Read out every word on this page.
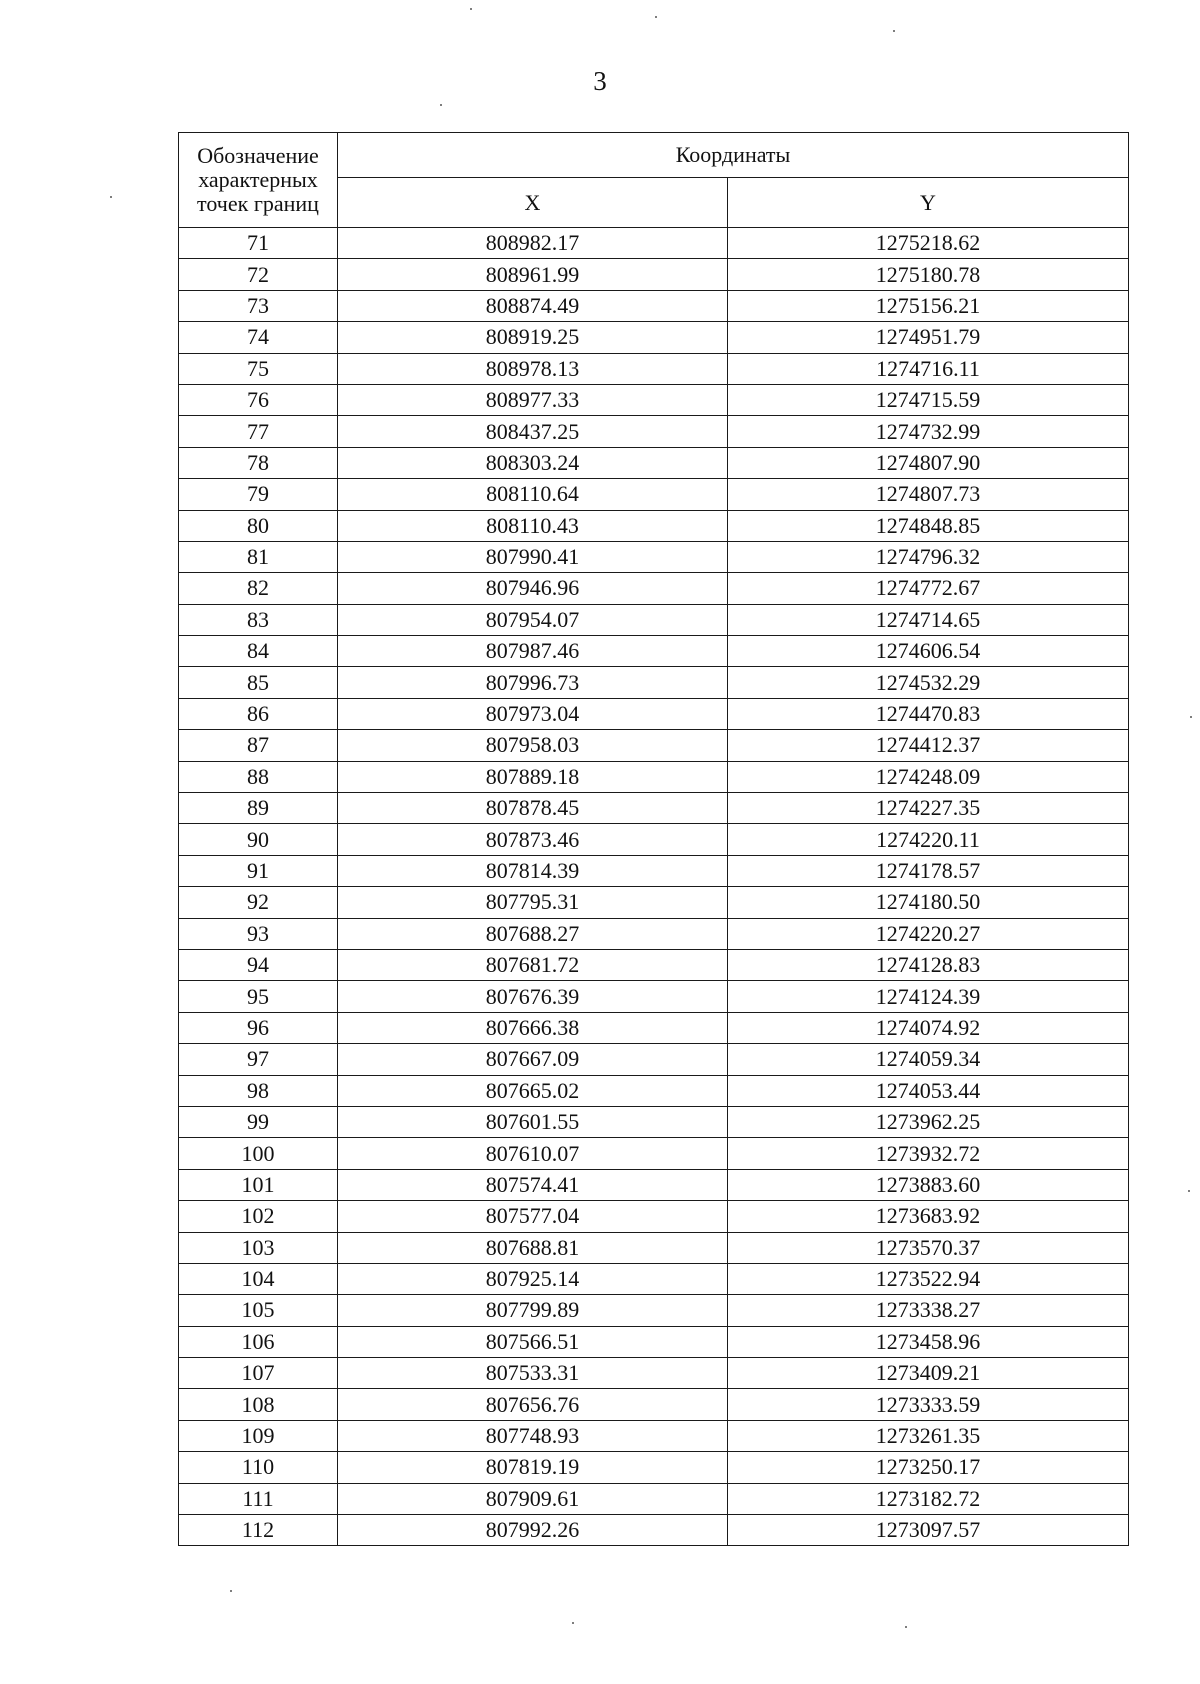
3
Обозначение характерных точек границ	Координаты	
	X	Y
71	808982.17	1275218.62
72	808961.99	1275180.78
73	808874.49	1275156.21
74	808919.25	1274951.79
75	808978.13	1274716.11
76	808977.33	1274715.59
77	808437.25	1274732.99
78	808303.24	1274807.90
79	808110.64	1274807.73
80	808110.43	1274848.85
81	807990.41	1274796.32
82	807946.96	1274772.67
83	807954.07	1274714.65
84	807987.46	1274606.54
85	807996.73	1274532.29
86	807973.04	1274470.83
87	807958.03	1274412.37
88	807889.18	1274248.09
89	807878.45	1274227.35
90	807873.46	1274220.11
91	807814.39	1274178.57
92	807795.31	1274180.50
93	807688.27	1274220.27
94	807681.72	1274128.83
95	807676.39	1274124.39
96	807666.38	1274074.92
97	807667.09	1274059.34
98	807665.02	1274053.44
99	807601.55	1273962.25
100	807610.07	1273932.72
101	807574.41	1273883.60
102	807577.04	1273683.92
103	807688.81	1273570.37
104	807925.14	1273522.94
105	807799.89	1273338.27
106	807566.51	1273458.96
107	807533.31	1273409.21
108	807656.76	1273333.59
109	807748.93	1273261.35
110	807819.19	1273250.17
111	807909.61	1273182.72
112	807992.26	1273097.57
